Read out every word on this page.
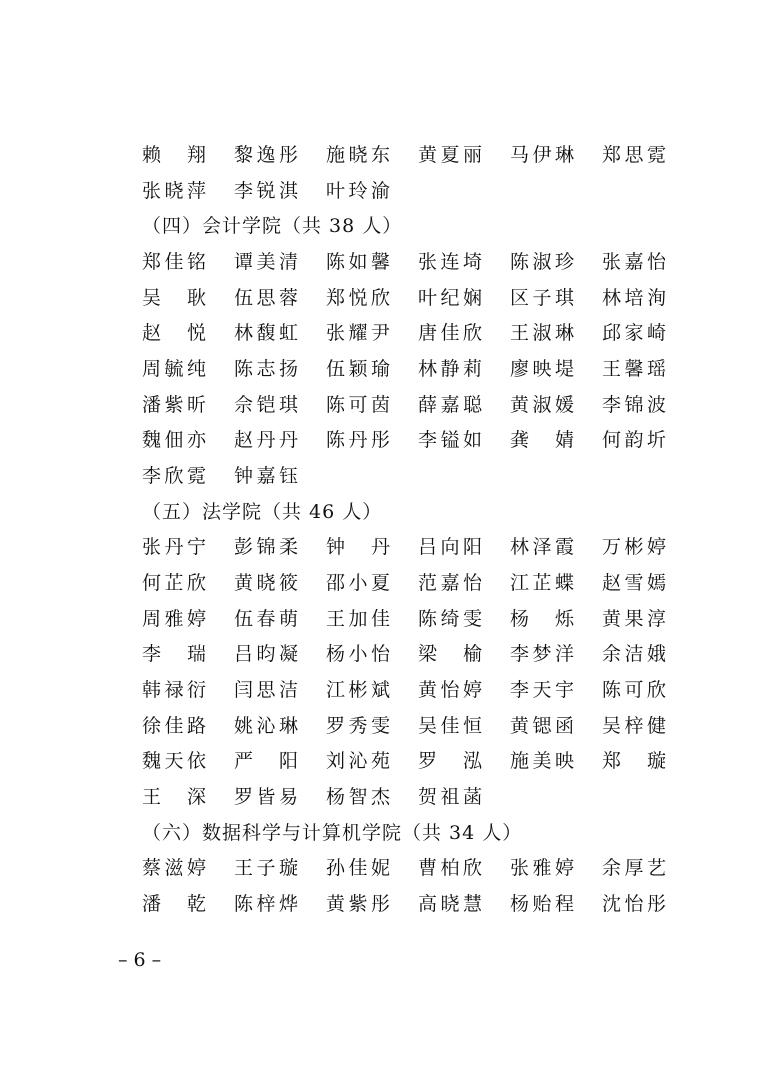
赖　翔 黎逸彤 施晓东 黄夏丽 马伊琳 郑思霓
张晓萍 李锐淇 叶玲渝
（四）会计学院（共 38 人）
郑佳铭 谭美清 陈如馨 张连埼 陈淑珍 张嘉怡
吴　耿 伍思蓉 郑悦欣 叶纪娴 区子琪 林培洵
赵　悦 林馥虹 张耀尹 唐佳欣 王淑琳 邱家崎
周毓纯 陈志扬 伍颖瑜 林静莉 廖映堤 王馨瑶
潘紫昕 佘铠琪 陈可茵 薛嘉聪 黄淑媛 李锦波
魏佃亦 赵丹丹 陈丹彤 李镒如 龚　婧 何韵圻
李欣霓 钟嘉钰
（五）法学院（共 46 人）
张丹宁 彭锦柔 钟　丹 吕向阳 林泽霞 万彬婷
何芷欣 黄晓筱 邵小夏 范嘉怡 江芷蝶 赵雪嫣
周雅婷 伍春萌 王加佳 陈绮雯 杨　烁 黄果淳
李　瑞 吕昀凝 杨小怡 梁　榆 李梦洋 余洁娥
韩禄衍 闫思洁 江彬斌 黄怡婷 李天宇 陈可欣
徐佳路 姚沁琳 罗秀雯 吴佳恒 黄锶函 吴梓健
魏天依 严　阳 刘沁苑 罗　泓 施美映 郑　璇
王　深 罗皆易 杨智杰 贺祖菡
（六）数据科学与计算机学院（共 34 人）
蔡滋婷 王子璇 孙佳妮 曹柏欣 张雅婷 余厚艺
潘　乾 陈梓烨 黄紫彤 高晓慧 杨贻程 沈怡彤
– 6 –
